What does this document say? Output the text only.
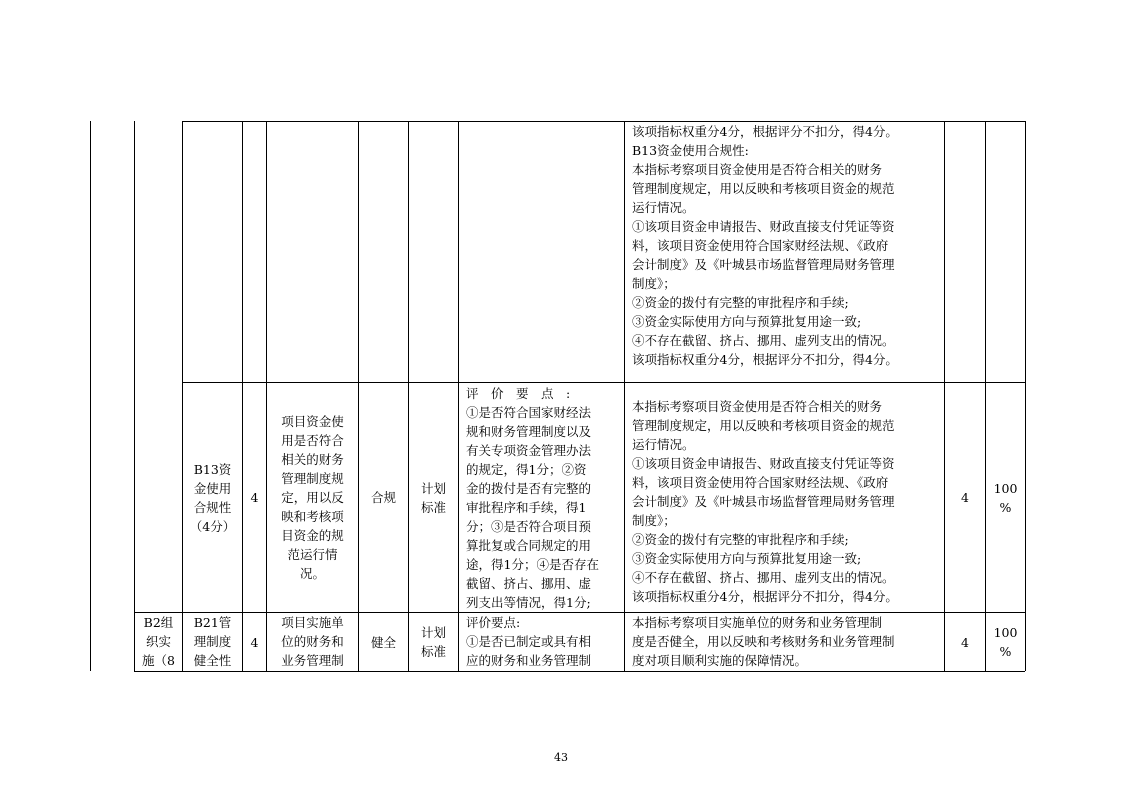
该项指标权重分4分，根据评分不扣分，得4分。
B13资金使用合规性:
本指标考察项目资金使用是否符合相关的财务
管理制度规定，用以反映和考核项目资金的规范
运行情况。
①该项目资金申请报告、财政直接支付凭证等资
料，该项目资金使用符合国家财经法规、《政府
会计制度》及《叶城县市场监督管理局财务管理
制度》；
②资金的拨付有完整的审批程序和手续;
③资金实际使用方向与预算批复用途一致;
④不存在截留、挤占、挪用、虚列支出的情况。
该项指标权重分4分，根据评分不扣分，得4分。
B13资
金使用
合规性
（4分）
4
项目资金使
用是否符合
相关的财务
管理制度规
定，用以反
映和考核项
目资金的规
范运行情
况。
合规
计划
标准
评　价　要　点　:
①是否符合国家财经法
规和财务管理制度以及
有关专项资金管理办法
的规定，得1分；②资
金的拨付是否有完整的
审批程序和手续，得1
分；③是否符合项目预
算批复或合同规定的用
途，得1分；④是否存在
截留、挤占、挪用、虚
列支出等情况，得1分;
本指标考察项目资金使用是否符合相关的财务
管理制度规定，用以反映和考核项目资金的规范
运行情况。
①该项目资金申请报告、财政直接支付凭证等资
料，该项目资金使用符合国家财经法规、《政府
会计制度》及《叶城县市场监督管理局财务管理
制度》；
②资金的拨付有完整的审批程序和手续;
③资金实际使用方向与预算批复用途一致;
④不存在截留、挤占、挪用、虚列支出的情况。
该项指标权重分4分，根据评分不扣分，得4分。
4
100
%
B2组
织实
施（8
B21管
理制度
健全性
4
项目实施单
位的财务和
业务管理制
健全
计划
标准
评价要点:
①是否已制定或具有相
应的财务和业务管理制
本指标考察项目实施单位的财务和业务管理制
度是否健全，用以反映和考核财务和业务管理制
度对项目顺利实施的保障情况。
4
100
%
43
